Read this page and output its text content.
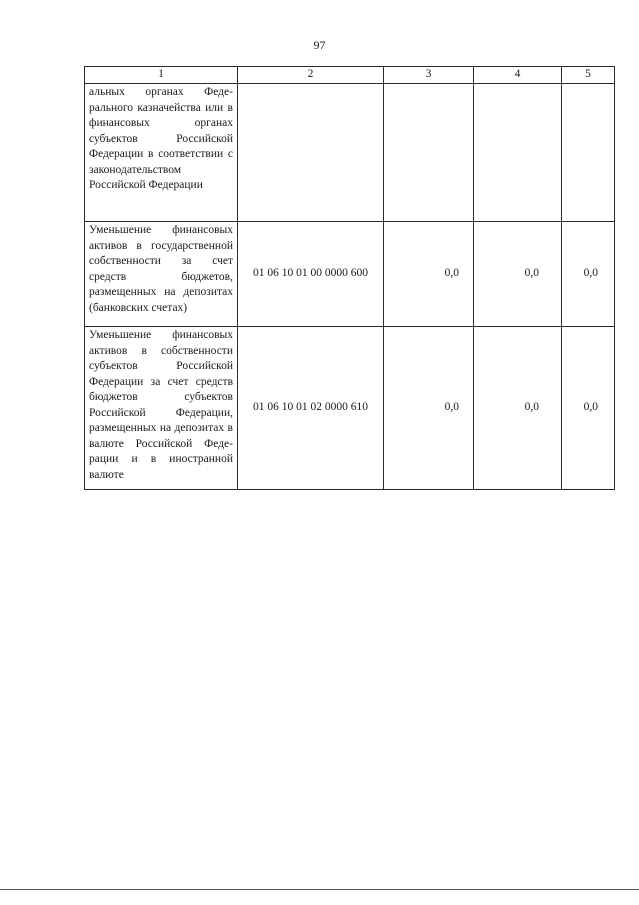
97
1	2	3	4	5
альных органах Федерального казначейства или в финансовых органах субъектов Российской Федерации в соответствии с законодательством Российской Федерации				
Уменьшение финансовых активов в государственной собственности за счет средств бюджетов, размещенных на депозитах (банковских счетах)	01 06 10 01 00 0000 600	0,0	0,0	0,0
Уменьшение финансовых активов в собственности субъектов Российской Федерации за счет средств бюджетов субъектов Российской Федерации, размещенных на депозитах в валюте Российской Федерации и в иностранной валюте	01 06 10 01 02 0000 610	0,0	0,0	0,0
